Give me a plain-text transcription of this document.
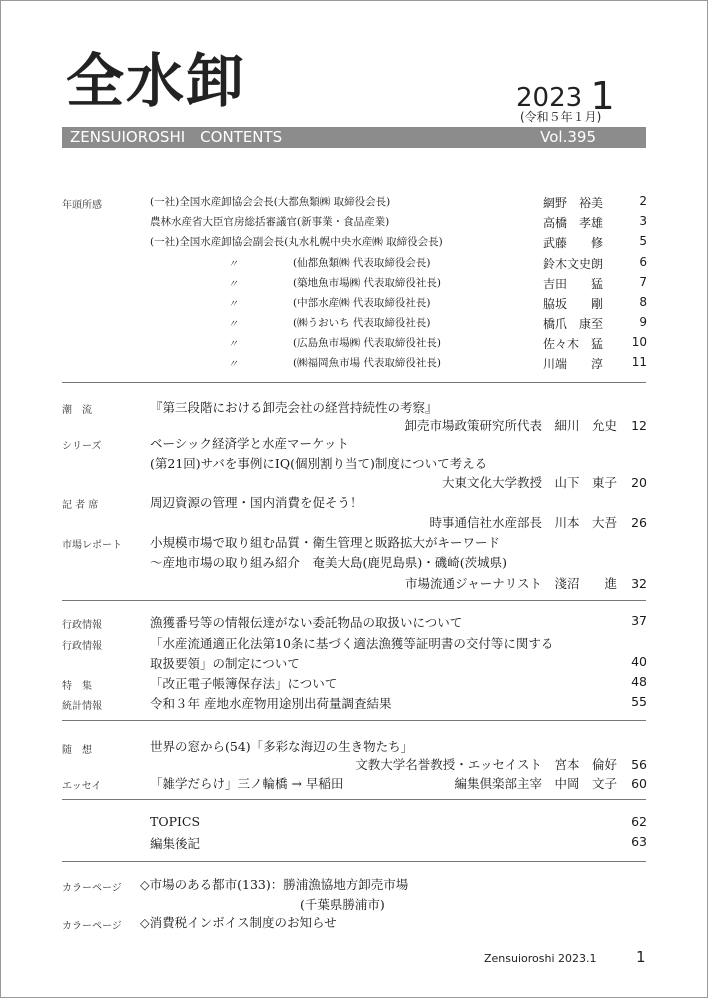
全水卸	2023 1
(令和５年１月)
ZENSUIOROSHI　CONTENTS	Vol.395
年頭所感	(一社)全国水産卸協会会長(大都魚類㈱ 取締役会長)	網野　裕美	2
農林水産省大臣官房総括審議官(新事業・食品産業)	高橋　孝雄	3
(一社)全国水産卸協会副会長(丸水札幌中央水産㈱ 取締役会長)	武藤　　修	5
〃	(仙都魚類㈱ 代表取締役会長)	鈴木文史朗	6
〃	(築地魚市場㈱ 代表取締役社長)	吉田　　猛	7
〃	(中部水産㈱ 代表取締役社長)	脇坂　　剛	8
〃	(㈱うおいち 代表取締役社長)	橋爪　康至	9
〃	(広島魚市場㈱ 代表取締役社長)	佐々木　猛 10
〃	(㈱福岡魚市場 代表取締役社長)	川端　　淳 11
潮　流	『第三段階における卸売会社の経営持続性の考察』
卸売市場政策研究所代表　細川　允史 12
シリーズ	ベーシック経済学と水産マーケット
(第21回)サバを事例にIQ(個別割り当て)制度について考える
大東文化大学教授　山下　東子 20
記 者 席	周辺資源の管理・国内消費を促そう！
時事通信社水産部長　川本　大吾 26
市場レポート 小規模市場で取り組む品質・衛生管理と販路拡大がキーワード
～産地市場の取り組み紹介　奄美大島(鹿児島県)・磯崎(茨城県)
市場流通ジャーナリスト　淺沼　　進 32
行政情報	漁獲番号等の情報伝達がない委託物品の取扱いについて	37
行政情報	「水産流通適正化法第10条に基づく適法漁獲等証明書の交付等に関する
取扱要領」の制定について	40
特　集	「改正電子帳簿保存法」について	48
統計情報	令和３年 産地水産物用途別出荷量調査結果	55
随　想	世界の窓から(54)「多彩な海辺の生き物たち」
文教大学名誉教授・エッセイスト　宮本　倫好 56
エッセイ	「雑学だらけ」三ノ輪橋 → 早稲田	編集倶楽部主宰　中岡　文子 60
TOPICS	62
編集後記	63
カラーページ ◇市場のある都市(133)：勝浦漁協地方卸売市場
(千葉県勝浦市)
カラーページ ◇消費税インボイス制度のお知らせ
Zensuioroshi 2023.1	1
